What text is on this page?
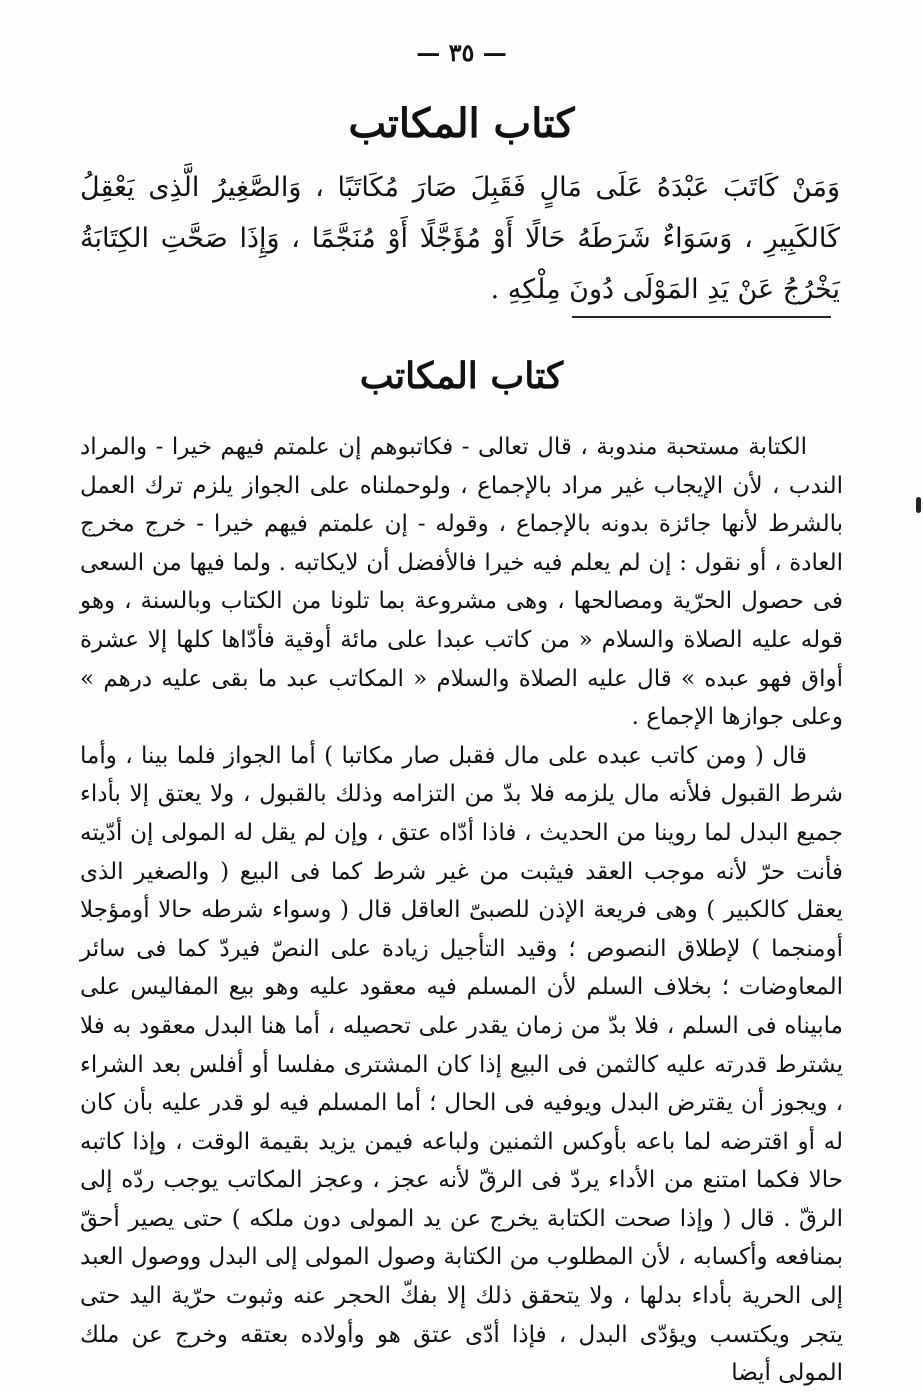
— ٣٥ —
كتاب المكاتب
وَمَنْ كَاتَبَ عَبْدَهُ عَلَى مَالٍ فَقَبِلَ صَارَ مُكَاتَبًا ، وَالصَّغِيرُ الَّذِى يَعْقِلُ كَالكَبِيرِ ، وَسَوَاءٌ شَرَطَهُ حَالًا أَوْ مُؤَجَّلًا أَوْ مُنَجَّمًا ، وَإِذَا صَحَّتِ الكِتَابَةُ يَخْرُجُ عَنْ يَدِ المَوْلَى دُونَ مِلْكِهِ .
كتاب المكاتب

الكتابة مستحبة مندوبة ، قال تعالى - فكاتبوهم إن علمتم فيهم خيرا - والمراد الندب ، لأن الإيجاب غير مراد بالإجماع ، ولوحملناه على الجواز يلزم ترك العمل بالشرط لأنها جائزة بدونه بالإجماع ، وقوله - إن علمتم فيهم خيرا - خرج مخرج العادة ، أو نقول : إن لم يعلم فيه خيرا فالأفضل أن لايكاتبه . ولما فيها من السعى فى حصول الحرّية ومصالحها ، وهى مشروعة بما تلونا من الكتاب وبالسنة ، وهو قوله عليه الصلاة والسلام « من كاتب عبدا على مائة أوقية فأدّاها كلها إلا عشرة أواق فهو عبده » قال عليه الصلاة والسلام « المكاتب عبد ما بقى عليه درهم » وعلى جوازها الإجماع .

قال ( ومن كاتب عبده على مال فقبل صار مكاتبا ) أما الجواز فلما بينا ، وأما شرط القبول فلأنه مال يلزمه فلا بدّ من التزامه وذلك بالقبول ، ولا يعتق إلا بأداء جميع البدل لما روينا من الحديث ، فاذا أدّاه عتق ، وإن لم يقل له المولى إن أدّيته فأنت حرّ لأنه موجب العقد فيثبت من غير شرط كما فى البيع ( والصغير الذى يعقل كالكبير ) وهى فريعة الإذن للصبىّ العاقل قال ( وسواء شرطه حالا أومؤجلا أومنجما ) لإطلاق النصوص ؛ وقيد التأجيل زيادة على النصّ فيردّ كما فى سائر المعاوضات ؛ بخلاف السلم لأن المسلم فيه معقود عليه وهو بيع المفاليس على مابيناه فى السلم ، فلا بدّ من زمان يقدر على تحصيله ، أما هنا البدل معقود به فلا يشترط قدرته عليه كالثمن فى البيع إذا كان المشترى مفلسا أو أفلس بعد الشراء ، ويجوز أن يقترض البدل ويوفيه فى الحال ؛ أما المسلم فيه لو قدر عليه بأن كان له أو اقترضه لما باعه بأوكس الثمنين ولباعه فيمن يزيد بقيمة الوقت ، وإذا كاتبه حالا فكما امتنع من الأداء يردّ فى الرقّ لأنه عجز ، وعجز المكاتب يوجب ردّه إلى الرقّ . قال ( وإذا صحت الكتابة يخرج عن يد المولى دون ملكه ) حتى يصير أحقّ بمنافعه وأكسابه ، لأن المطلوب من الكتابة وصول المولى إلى البدل ووصول العبد إلى الحرية بأداء بدلها ، ولا يتحقق ذلك إلا بفكّ الحجر عنه وثبوت حرّية اليد حتى يتجر ويكتسب ويؤدّى البدل ، فإذا أدّى عتق هو وأولاده بعتقه وخرج عن ملك المولى أيضا
